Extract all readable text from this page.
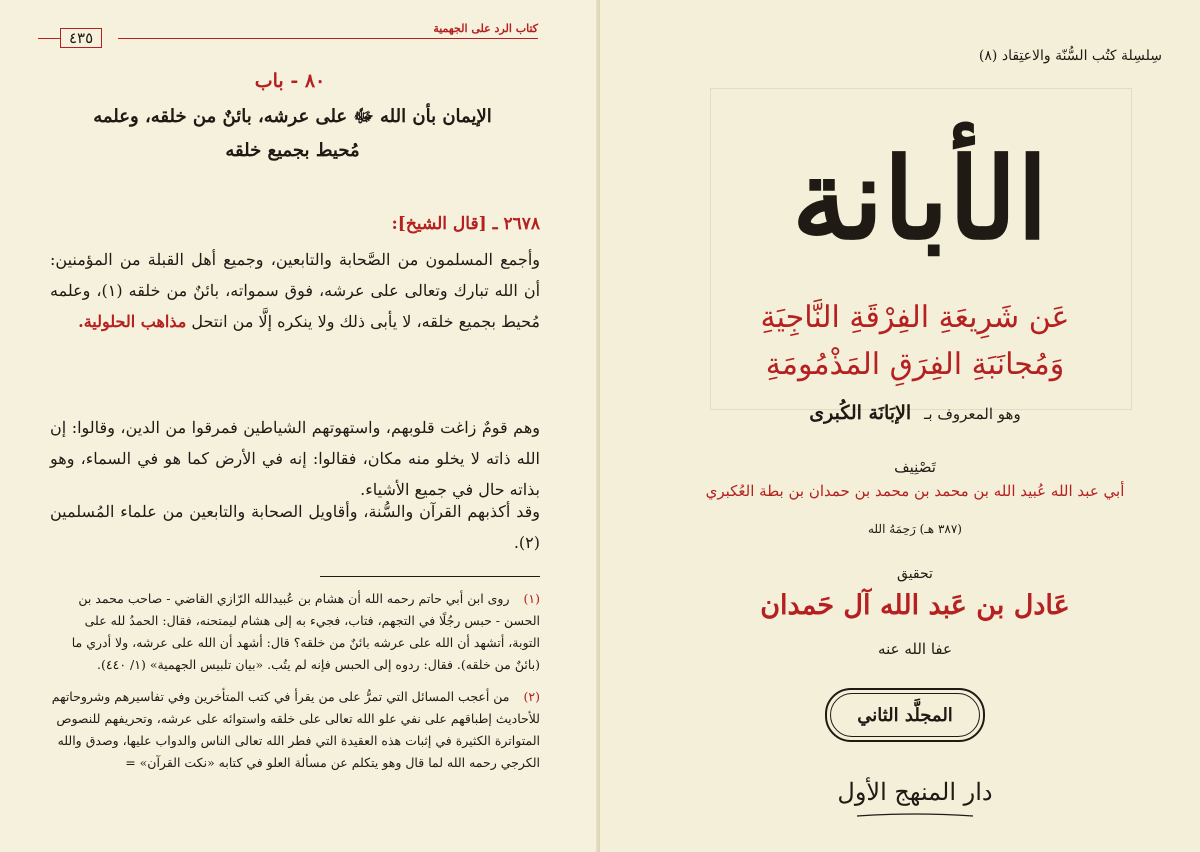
كتاب الرد على الجهمية
٤٣٥
٨٠ - باب
الإيمان بأن الله ﷻ على عرشه، بائنٌ من خلقه، وعلمه
مُحيط بجميع خلقه
٢٦٧٨ ـ [قال الشيخ]:
وأجمع المسلمون من الصَّحابة والتابعين، وجميع أهل القبلة من المؤمنين: أن الله تبارك وتعالى على عرشه، فوق سمواته، بائنٌ من خلقه (١)، وعلمه مُحيط بجميع خلقه، لا يأبى ذلك ولا ينكره إلَّا من انتحل مذاهب الحلولية.
وهم قومٌ زاغت قلوبهم، واستهوتهم الشياطين فمرقوا من الدين، وقالوا: إن الله ذاته لا يخلو منه مكان، فقالوا: إنه في الأرض كما هو في السماء، وهو بذاته حال في جميع الأشياء.
وقد أكذبهم القرآن والسُّنة، وأقاويل الصحابة والتابعين من علماء المُسلمين (٢).
(١) روى ابن أبي حاتم رحمه الله أن هشام بن عُبيدالله الرّازي القاضي - صاحب محمد بن الحسن - حبس رجُلًا في التجهم، فتاب، فجيء به إلى هشام ليمتحنه، فقال: الحمدُ لله على التوبة، أتشهد أن الله على عرشه بائنٌ من خلقه؟ قال: أشهد أن الله على عرشه، ولا أدري ما (بائنٌ من خلقه). فقال: ردوه إلى الحبس فإنه لم يتُب. «بيان تلبيس الجهمية» (١/ ٤٤٠).
(٢) من أعجب المسائل التي تمرُّ على من يقرأ في كتب المتأخرين وفي تفاسيرهم وشروحاتهم للأحاديث إطباقهم على نفي علو الله تعالى على خلقه واستوائه على عرشه، وتحريفهم للنصوص المتواترة الكثيرة في إثبات هذه العقيدة التي فطر الله تعالى الناس والدواب عليها، وصدق والله الكرجي رحمه الله لما قال وهو يتكلم عن مسألة العلو في كتابه «نكت القرآن» =
سِلسِلة كتُب السُّنّة والاعتِقاد (٨)
الأبانة
عَن شَرِيعَةِ الفِرْقَةِ النَّاجِيَةِ
وَمُجانَبَةِ الفِرَقِ المَذْمُومَةِ
وهو المعروف بـ الإبَانَة الكُبرى
تَصْنِيف
أبي عبد الله عُبيد الله بن محمد بن محمد بن حمدان بن بطة العُكبري
(٣٨٧ هـ) رَحِمَهُ الله
تحقيق
عَادل بن عَبد الله آل حَمدان
عفا الله عنه
المجلَّد الثاني
دار المنهج الأول
